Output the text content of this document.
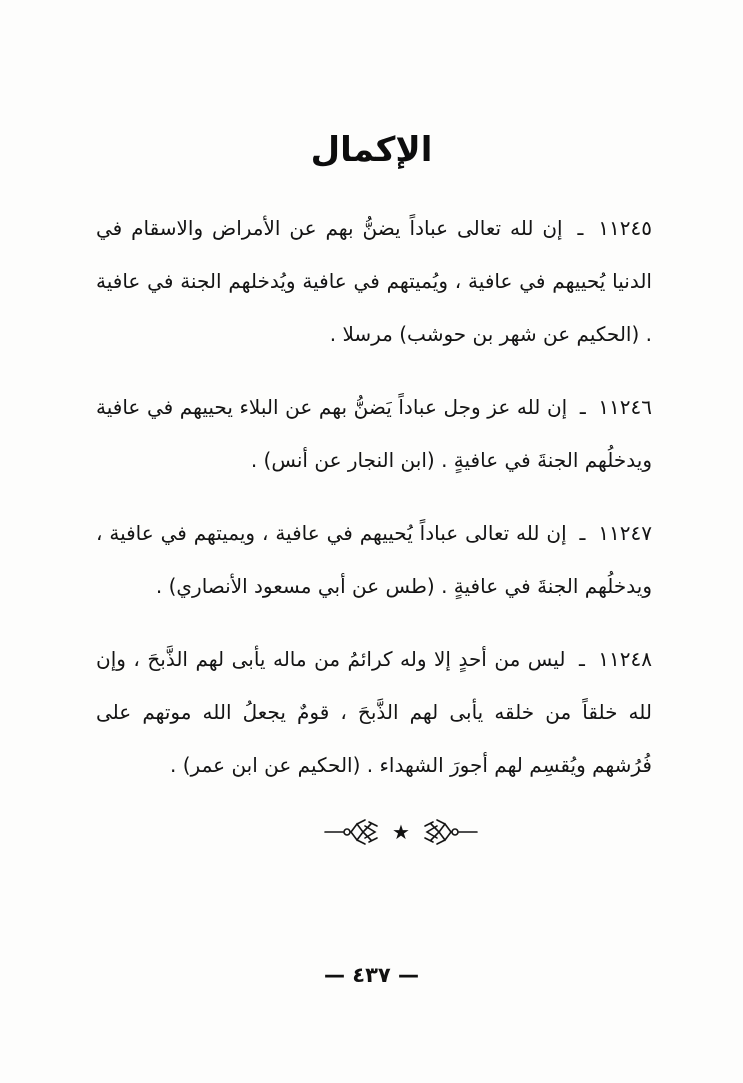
الإكمال

١١٢٤٥ ـ إن لله تعالى عباداً يضنُّ بهم عن الأمراض والاسقام في الدنيا يُحييهم في عافية ، ويُميتهم في عافية ويُدخلهم الجنة في عافية . (الحكيم عن شهر بن حوشب) مرسلا .

١١٢٤٦ ـ إن لله عز وجل عباداً يَضنُّ بهم عن البلاء يحييهم في عافية ويدخلُهم الجنةَ في عافيةٍ . (ابن النجار عن أنس) .

١١٢٤٧ ـ إن لله تعالى عباداً يُحييهم في عافية ، ويميتهم في عافية ، ويدخلُهم الجنةَ في عافيةٍ . (طس عن أبي مسعود الأنصاري) .

١١٢٤٨ ـ ليس من أحدٍ إلا وله كرائمُ من ماله يأبى لهم الذَّبحَ ، وإن لله خلقاً من خلقه يأبى لهم الذَّبحَ ، قومٌ يجعلُ الله موتهم على فُرُشهم ويُقسِم لهم أجورَ الشهداء . (الحكيم عن ابن عمر) .

★
— ٤٣٧ —
